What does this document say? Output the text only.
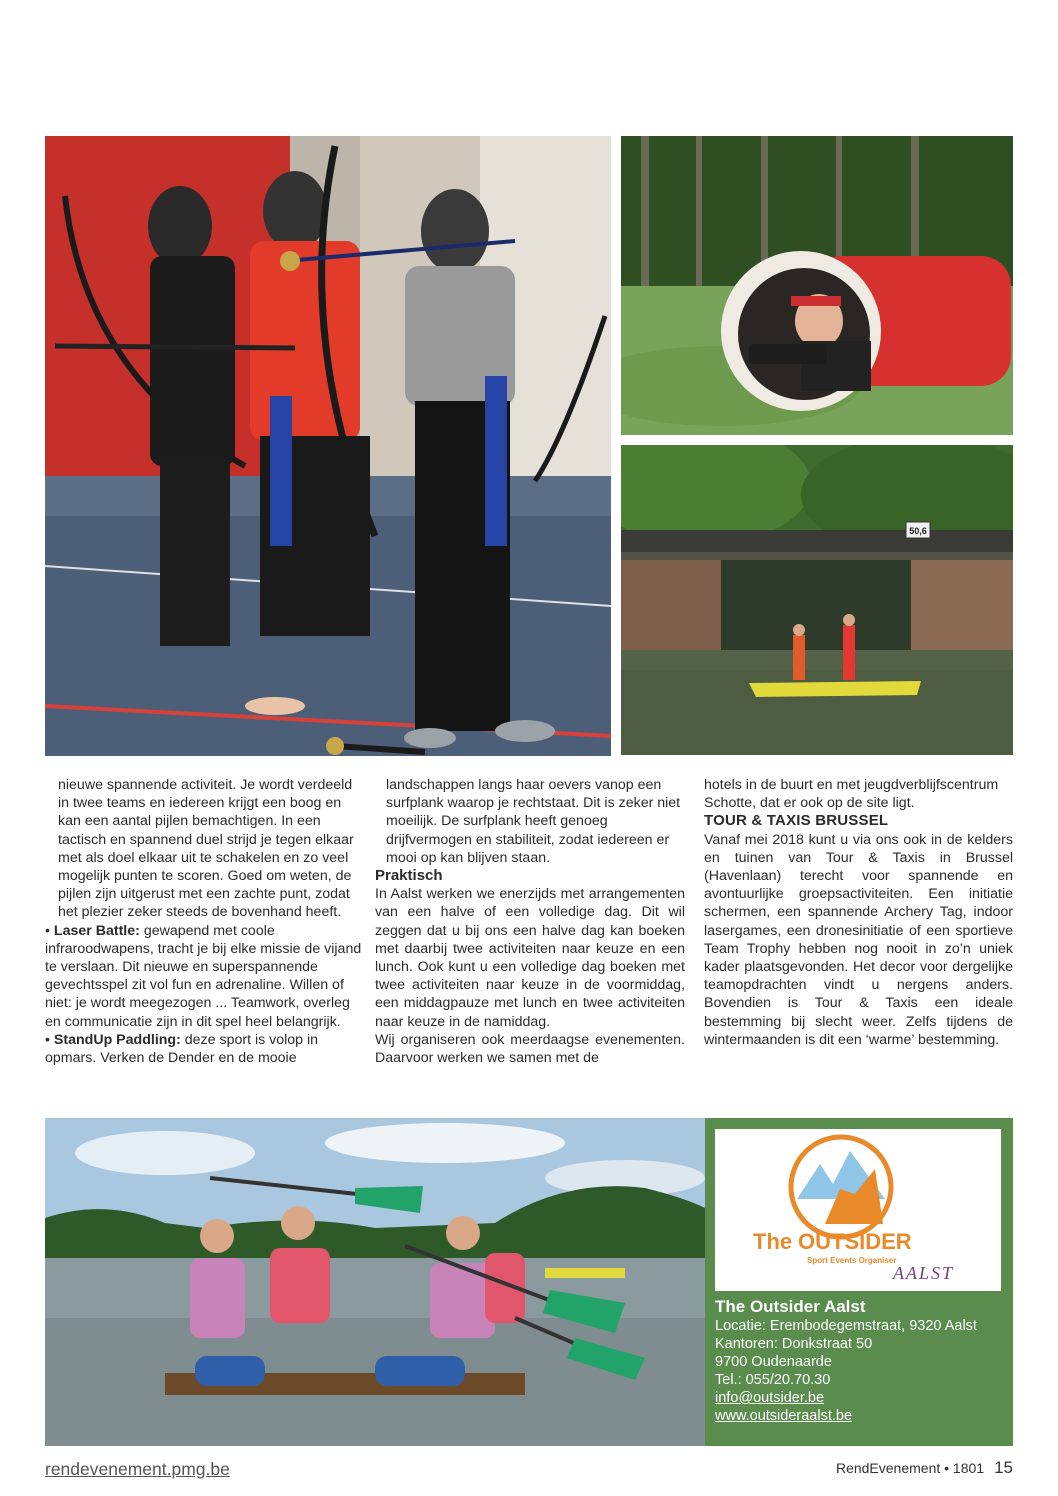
50,6

nieuwe spannende activiteit. Je wordt verdeeld in twee teams en iedereen krijgt een boog en kan een aantal pijlen bemachtigen. In een tactisch en spannend duel strijd je tegen elkaar met als doel elkaar uit te schakelen en zo veel mogelijk punten te scoren. Goed om weten, de pijlen zijn uitgerust met een zachte punt, zodat het plezier zeker steeds de bovenhand heeft.

• Laser Battle: gewapend met coole infraroodwapens, tracht je bij elke missie de vijand te verslaan. Dit nieuwe en superspannende gevechtsspel zit vol fun en adrenaline. Willen of niet: je wordt meegezogen ... Teamwork, overleg en communicatie zijn in dit spel heel belangrijk.

• StandUp Paddling: deze sport is volop in opmars. Verken de Dender en de mooie

landschappen langs haar oevers vanop een surfplank waarop je rechtstaat. Dit is zeker niet moeilijk. De surfplank heeft genoeg drijfvermogen en stabiliteit, zodat iedereen er mooi op kan blijven staan.

Praktisch

In Aalst werken we enerzijds met arrangementen van een halve of een volledige dag. Dit wil zeggen dat u bij ons een halve dag kan boeken met daarbij twee activiteiten naar keuze en een lunch. Ook kunt u een volledige dag boeken met twee activiteiten naar keuze in de voormiddag, een middagpauze met lunch en twee activiteiten naar keuze in de namiddag.

Wij organiseren ook meerdaagse evenementen. Daarvoor werken we samen met de

hotels in de buurt en met jeugdverblijfscentrum Schotte, dat er ook op de site ligt.

TOUR & TAXIS BRUSSEL

Vanaf mei 2018 kunt u via ons ook in de kelders en tuinen van Tour & Taxis in Brussel (Havenlaan) terecht voor spannende en avontuurlijke groepsactiviteiten. Een initiatie schermen, een spannende Archery Tag, indoor lasergames, een dronesinitiatie of een sportieve Team Trophy hebben nog nooit in zo’n uniek kader plaatsgevonden. Het decor voor dergelijke teamopdrachten vindt u nergens anders. Bovendien is Tour & Taxis een ideale bestemming bij slecht weer. Zelfs tijdens de wintermaanden is dit een ‘warme’ bestemming.

The OUTSIDER
Sport Events Organiser
AALST
The Outsider Aalst
Locatie: Erembodegemstraat, 9320 Aalst
Kantoren: Donkstraat 50
9700 Oudenaarde
Tel.: 055/20.70.30
info@outsider.be
www.outsideraalst.be
rendevenement.pmg.be	RendEvenement • 1801 15
